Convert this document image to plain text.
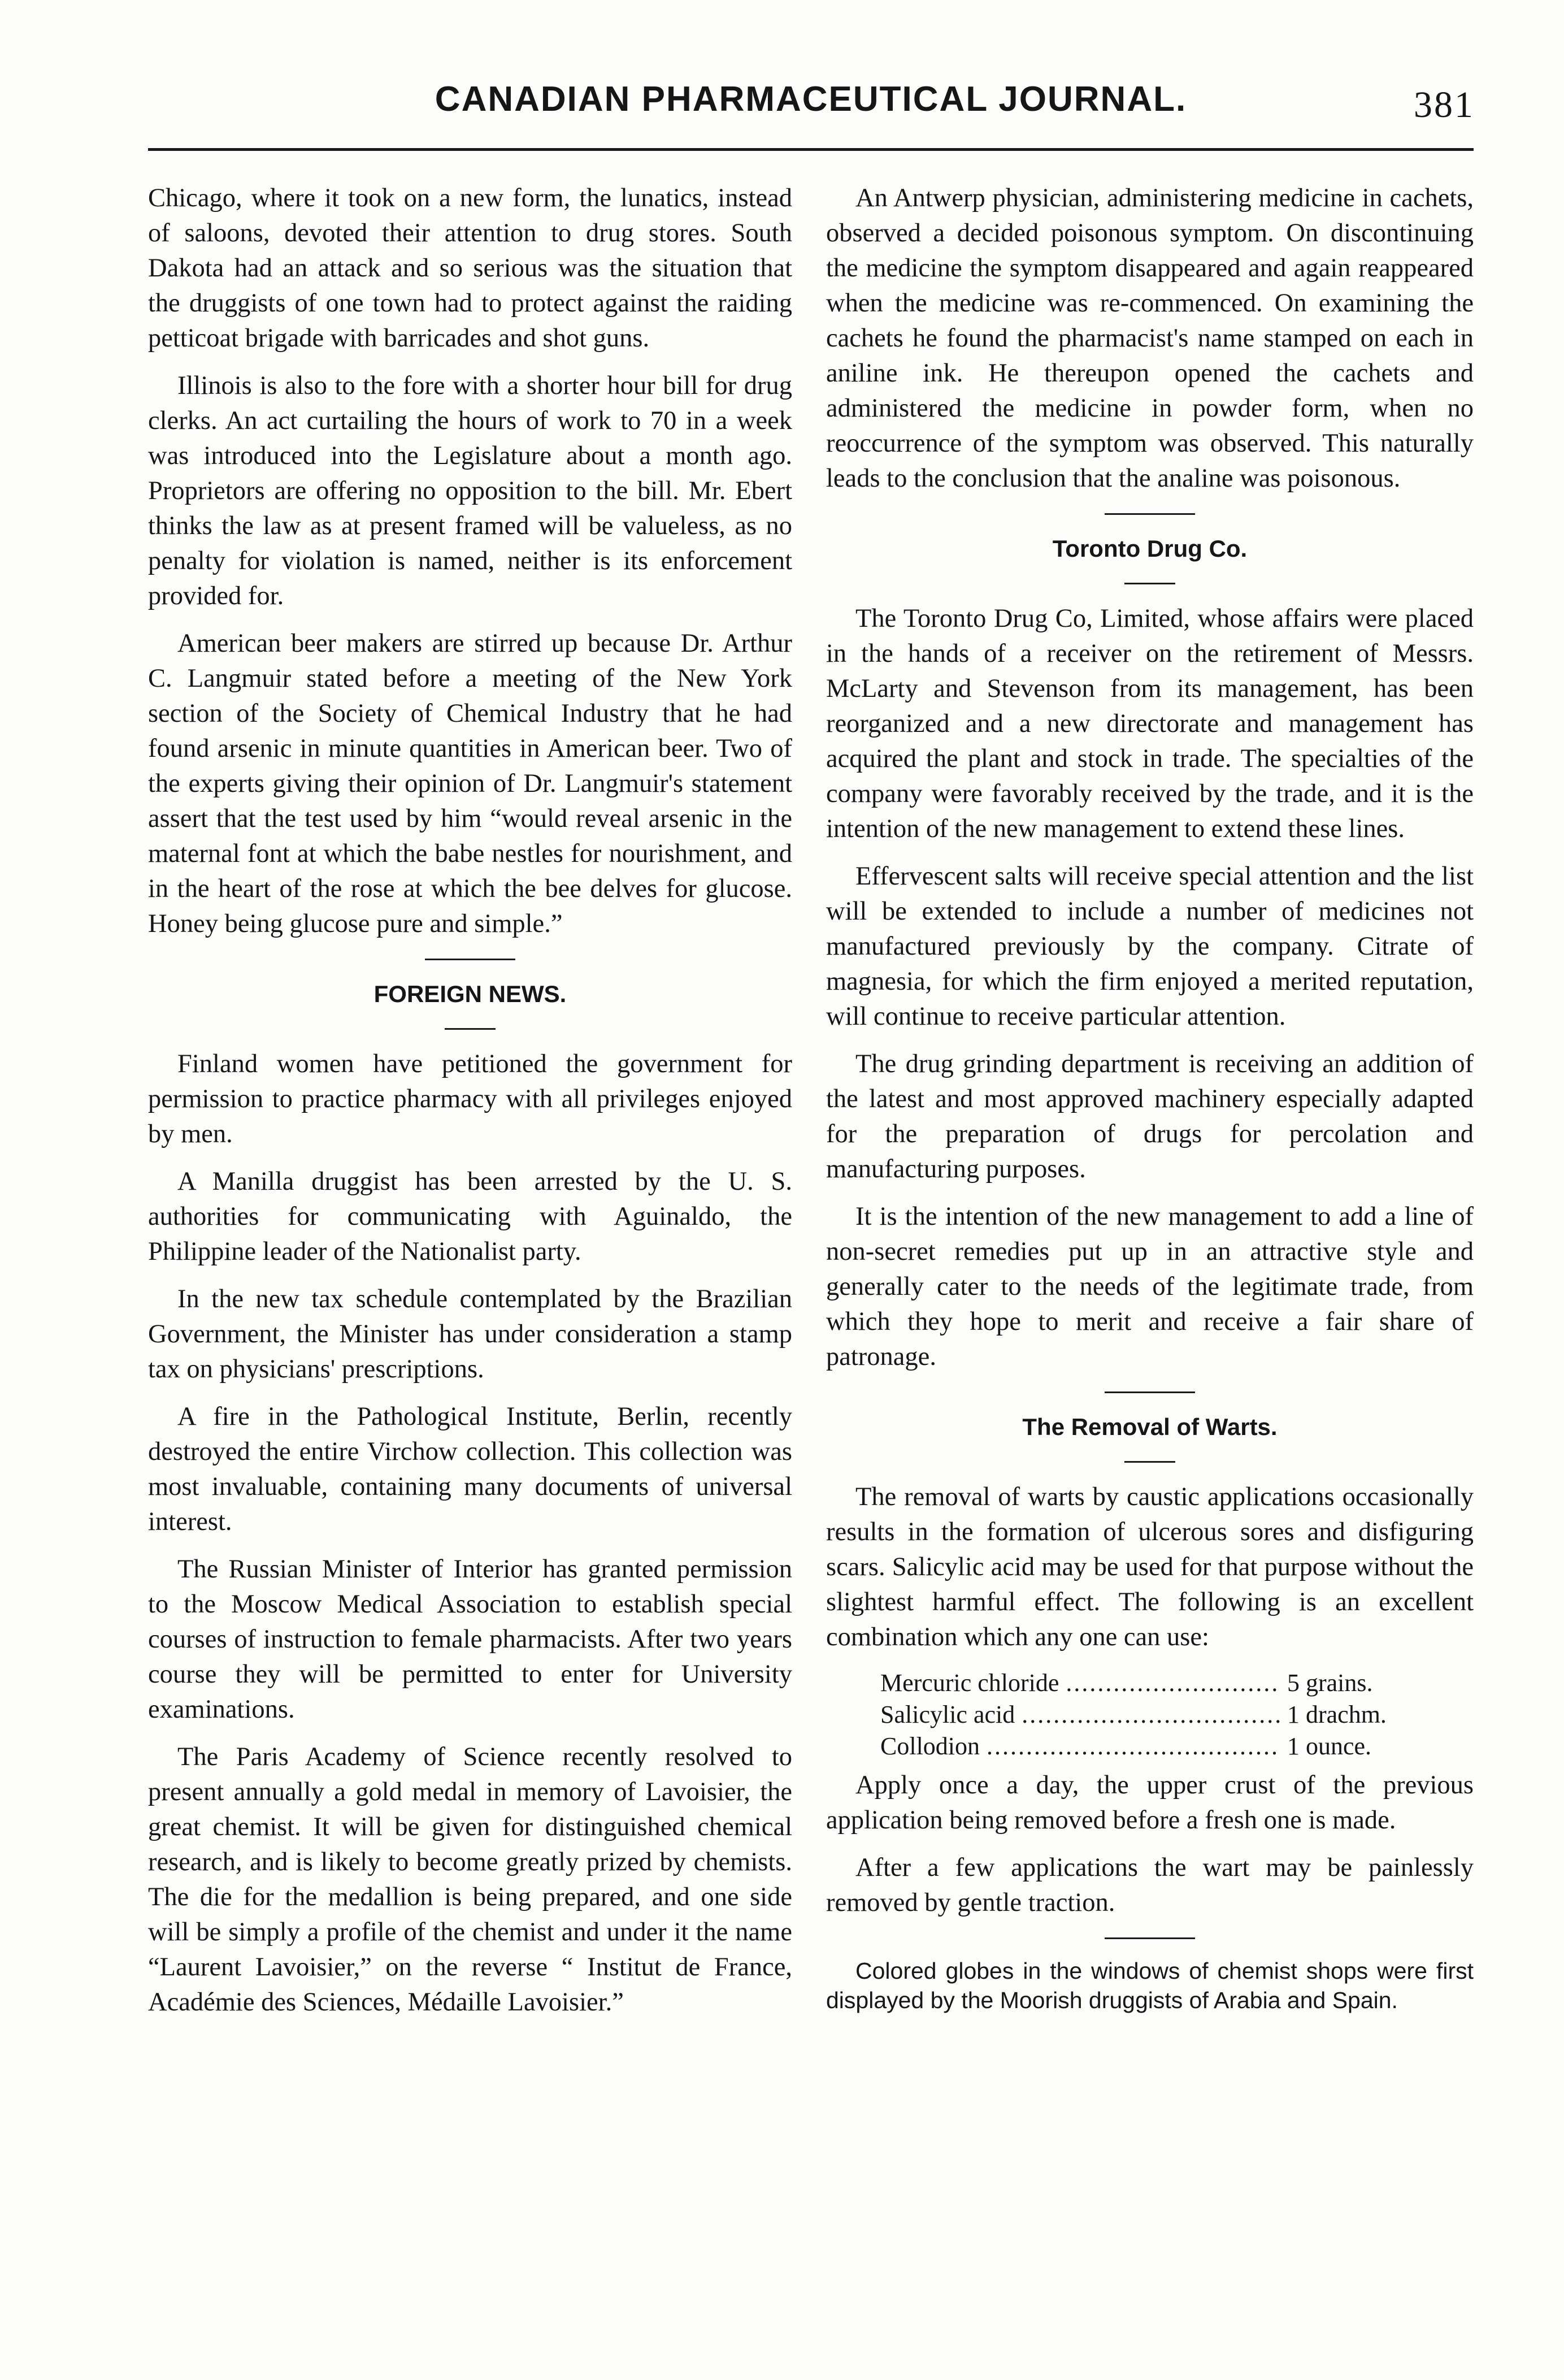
CANADIAN PHARMACEUTICAL JOURNAL.	381

Chicago, where it took on a new form, the lunatics, instead of saloons, devoted their attention to drug stores. South Dakota had an attack and so serious was the situation that the druggists of one town had to protect against the raiding petticoat brigade with barricades and shot guns.

Illinois is also to the fore with a shorter hour bill for drug clerks. An act curtailing the hours of work to 70 in a week was introduced into the Legislature about a month ago. Proprietors are offering no opposition to the bill. Mr. Ebert thinks the law as at present framed will be valueless, as no penalty for violation is named, neither is its enforcement provided for.

American beer makers are stirred up because Dr. Arthur C. Langmuir stated before a meeting of the New York section of the Society of Chemical Industry that he had found arsenic in minute quantities in American beer. Two of the experts giving their opinion of Dr. Langmuir's statement assert that the test used by him “would reveal arsenic in the maternal font at which the babe nestles for nourishment, and in the heart of the rose at which the bee delves for glucose. Honey being glucose pure and simple.”

FOREIGN NEWS.

Finland women have petitioned the government for permission to practice pharmacy with all privileges enjoyed by men.

A Manilla druggist has been arrested by the U. S. authorities for communicating with Aguinaldo, the Philippine leader of the Nationalist party.

In the new tax schedule contemplated by the Brazilian Government, the Minister has under consideration a stamp tax on physicians' prescriptions.

A fire in the Pathological Institute, Berlin, recently destroyed the entire Virchow collection. This collection was most invaluable, containing many documents of universal interest.

The Russian Minister of Interior has granted permission to the Moscow Medical Association to establish special courses of instruction to female pharmacists. After two years course they will be permitted to enter for University examinations.

The Paris Academy of Science recently resolved to present annually a gold medal in memory of Lavoisier, the great chemist. It will be given for distinguished chemical research, and is likely to become greatly prized by chemists. The die for the medallion is being prepared, and one side will be simply a profile of the chemist and under it the name “Laurent Lavoisier,” on the reverse “ Institut de France, Académie des Sciences, Médaille Lavoisier.”

An Antwerp physician, administering medicine in cachets, observed a decided poisonous symptom. On discontinuing the medicine the symptom disappeared and again reappeared when the medicine was re-commenced. On examining the cachets he found the pharmacist's name stamped on each in aniline ink. He thereupon opened the cachets and administered the medicine in powder form, when no reoccurrence of the symptom was observed. This naturally leads to the conclusion that the analine was poisonous.

Toronto Drug Co.

The Toronto Drug Co, Limited, whose affairs were placed in the hands of a receiver on the retirement of Messrs. McLarty and Stevenson from its management, has been reorganized and a new directorate and management has acquired the plant and stock in trade. The specialties of the company were favorably received by the trade, and it is the intention of the new management to extend these lines.

Effervescent salts will receive special attention and the list will be extended to include a number of medicines not manufactured previously by the company. Citrate of magnesia, for which the firm enjoyed a merited reputation, will continue to receive particular attention.

The drug grinding department is receiving an addition of the latest and most approved machinery especially adapted for the preparation of drugs for percolation and manufacturing purposes.

It is the intention of the new management to add a line of non-secret remedies put up in an attractive style and generally cater to the needs of the legitimate trade, from which they hope to merit and receive a fair share of patronage.

The Removal of Warts.

The removal of warts by caustic applications occasionally results in the formation of ulcerous sores and disfiguring scars. Salicylic acid may be used for that purpose without the slightest harmful effect. The following is an excellent combination which any one can use:

Mercuric chloride .....	5 grains.
Salicylic acid .....	1 drachm.
Collodion .....	1 ounce.

Apply once a day, the upper crust of the previous application being removed before a fresh one is made.

After a few applications the wart may be painlessly removed by gentle traction.

Colored globes in the windows of chemist shops were first displayed by the Moorish druggists of Arabia and Spain.
